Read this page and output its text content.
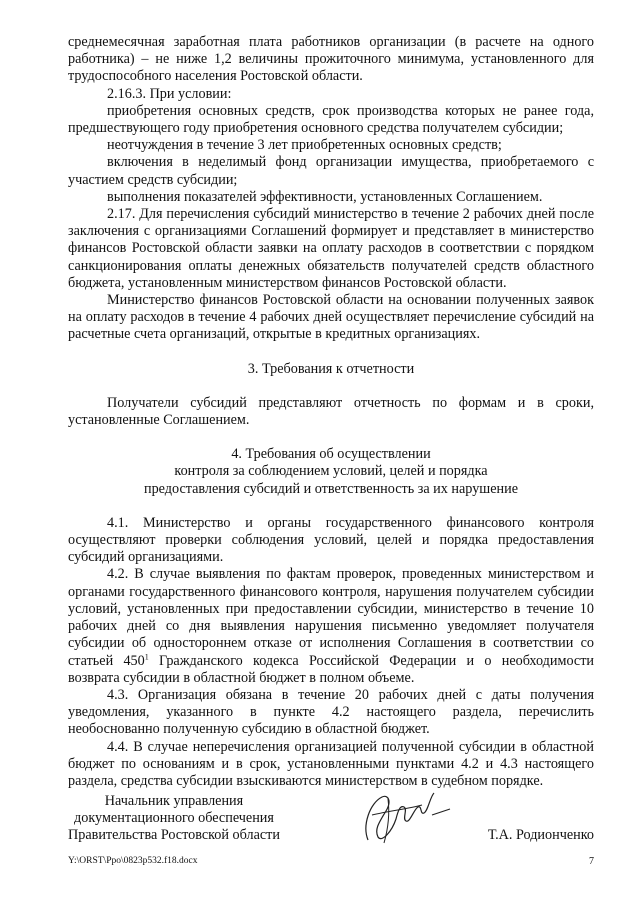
среднемесячная заработная плата работников организации (в расчете на одного работника) – не ниже 1,2 величины прожиточного минимума, установленного для трудоспособного населения Ростовской области.

2.16.3. При условии:

приобретения основных средств, срок производства которых не ранее года, предшествующего году приобретения основного средства получателем субсидии;

неотчуждения в течение 3 лет приобретенных основных средств;

включения в неделимый фонд организации имущества, приобретаемого с участием средств субсидии;

выполнения показателей эффективности, установленных Соглашением.

2.17. Для перечисления субсидий министерство в течение 2 рабочих дней после заключения с организациями Соглашений формирует и представляет в министерство финансов Ростовской области заявки на оплату расходов в соответствии с порядком санкционирования оплаты денежных обязательств получателей средств областного бюджета, установленным министерством финансов Ростовской области.

Министерство финансов Ростовской области на основании полученных заявок на оплату расходов в течение 4 рабочих дней осуществляет перечисление субсидий на расчетные счета организаций, открытые в кредитных организациях.

3. Требования к отчетности

Получатели субсидий представляют отчетность по формам и в сроки, установленные Соглашением.

4. Требования об осуществлении

контроля за соблюдением условий, целей и порядка

предоставления субсидий и ответственность за их нарушение

4.1. Министерство и органы государственного финансового контроля осуществляют проверки соблюдения условий, целей и порядка предоставления субсидий организациями.

4.2. В случае выявления по фактам проверок, проведенных министерством и органами государственного финансового контроля, нарушения получателем субсидии условий, установленных при предоставлении субсидии, министерство в течение 10 рабочих дней со дня выявления нарушения письменно уведомляет получателя субсидии об одностороннем отказе от исполнения Соглашения в соответствии со статьей $450^1$ Гражданского кодекса Российской Федерации и о необходимости возврата субсидии в областной бюджет в полном объеме.

4.3. Организация обязана в течение 20 рабочих дней с даты получения уведомления, указанного в пункте 4.2 настоящего раздела, перечислить необоснованно полученную субсидию в областной бюджет.

4.4. В случае неперечисления организацией полученной субсидии в областной бюджет по основаниям и в срок, установленными пунктами 4.2 и 4.3 настоящего раздела, средства субсидии взыскиваются министерством в судебном порядке.

Начальник управления
документационного обеспечения
Правительства Ростовской области	Т.А. Родионченко
Y:\ORST\Ppo\0823p532.f18.docx	7
